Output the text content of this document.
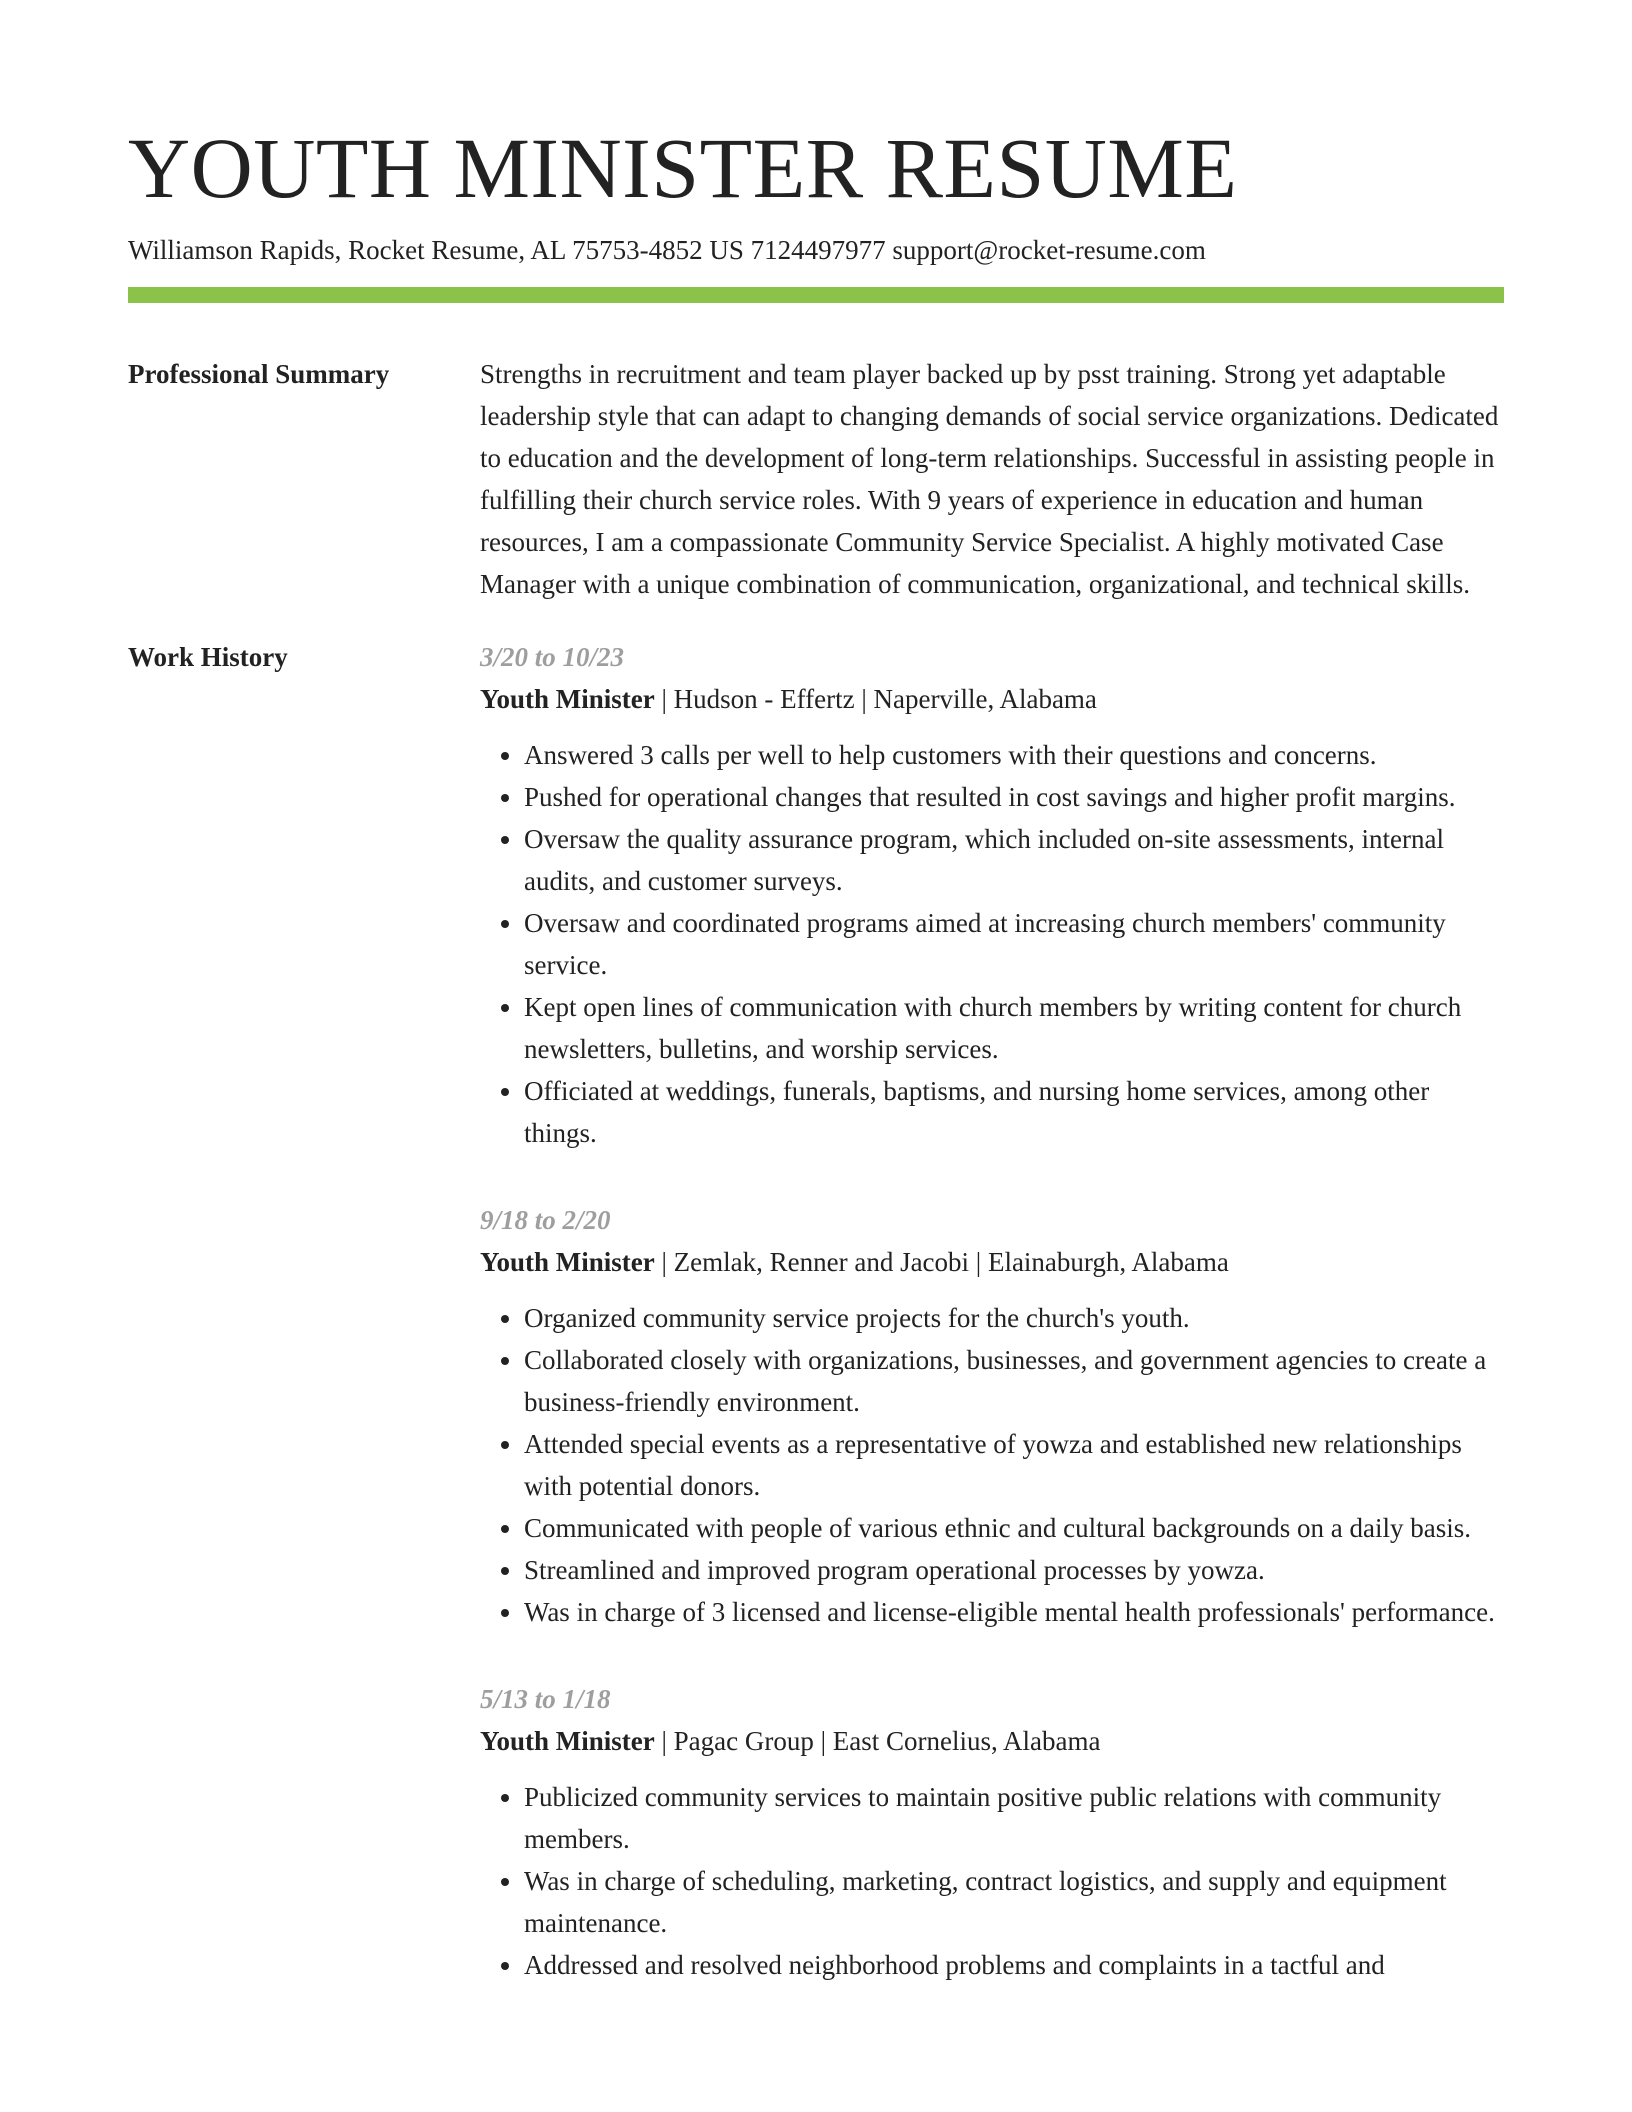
YOUTH MINISTER RESUME
Williamson Rapids, Rocket Resume, AL 75753-4852 US 7124497977 support@rocket-resume.com
Professional Summary	Strengths in recruitment and team player backed up by psst training. Strong yet adaptable leadership style that can adapt to changing demands of social service organizations. Dedicated to education and the development of long-term relationships. Successful in assisting people in fulfilling their church service roles. With 9 years of experience in education and human resources, I am a compassionate Community Service Specialist. A highly motivated Case Manager with a unique combination of communication, organizational, and technical skills.
Work History	3/20 to 10/23
Youth Minister | Hudson - Effertz | Naperville, Alabama
• Answered 3 calls per well to help customers with their questions and concerns.
• Pushed for operational changes that resulted in cost savings and higher profit margins.
• Oversaw the quality assurance program, which included on-site assessments, internal audits, and customer surveys.
• Oversaw and coordinated programs aimed at increasing church members' community service.
• Kept open lines of communication with church members by writing content for church newsletters, bulletins, and worship services.
• Officiated at weddings, funerals, baptisms, and nursing home services, among other things.
9/18 to 2/20
Youth Minister | Zemlak, Renner and Jacobi | Elainaburgh, Alabama
• Organized community service projects for the church's youth.
• Collaborated closely with organizations, businesses, and government agencies to create a business-friendly environment.
• Attended special events as a representative of yowza and established new relationships with potential donors.
• Communicated with people of various ethnic and cultural backgrounds on a daily basis.
• Streamlined and improved program operational processes by yowza.
• Was in charge of 3 licensed and license-eligible mental health professionals' performance.
5/13 to 1/18
Youth Minister | Pagac Group | East Cornelius, Alabama
• Publicized community services to maintain positive public relations with community members.
• Was in charge of scheduling, marketing, contract logistics, and supply and equipment maintenance.
• Addressed and resolved neighborhood problems and complaints in a tactful and
